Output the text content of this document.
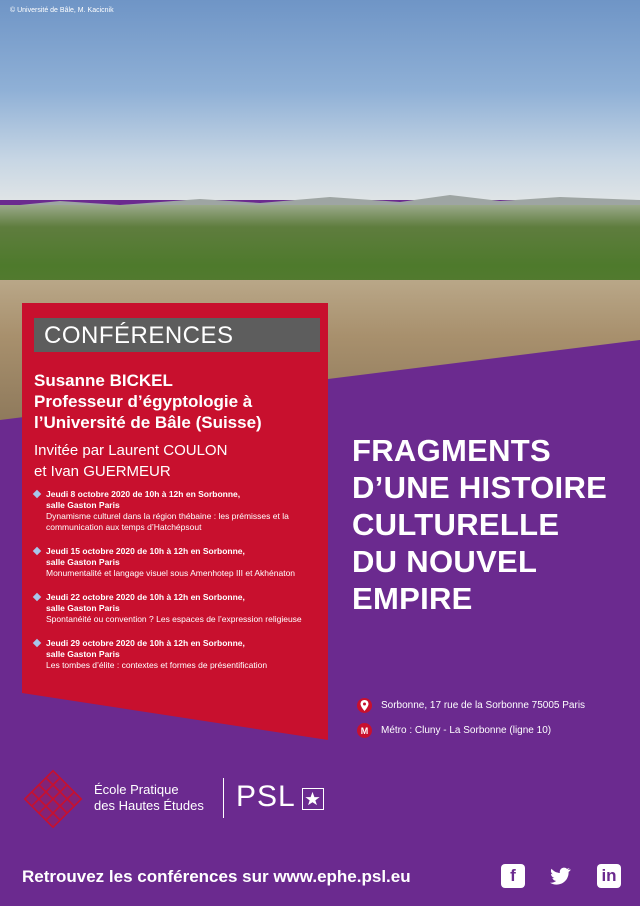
© Université de Bâle, M. Kacicnik
CONFÉRENCES
Susanne BICKEL
Professeur d’égyptologie à
l’Université de Bâle (Suisse)
Invitée par Laurent COULON
et Ivan GUERMEUR
Jeudi 8 octobre 2020 de 10h à 12h en Sorbonne,
salle Gaston Paris
Dynamisme culturel dans la région thébaine : les prémisses et la
communication aux temps d’Hatchépsout
Jeudi 15 octobre 2020 de 10h à 12h en Sorbonne,
salle Gaston Paris
Monumentalité et langage visuel sous Amenhotep III et Akhénaton
Jeudi 22 octobre 2020 de 10h à 12h en Sorbonne,
salle Gaston Paris
Spontanéité ou convention ? Les espaces de l’expression religieuse
Jeudi 29 octobre 2020 de 10h à 12h en Sorbonne,
salle Gaston Paris
Les tombes d’élite : contextes et formes de présentification
FRAGMENTS
D’UNE HISTOIRE
CULTURELLE
DU NOUVEL
EMPIRE
Sorbonne, 17 rue de la Sorbonne 75005 Paris
M	Métro : Cluny - La Sorbonne (ligne 10)
École Pratique
des Hautes Études PSL
Retrouvez les conférences sur www.ephe.psl.eu	f	in
